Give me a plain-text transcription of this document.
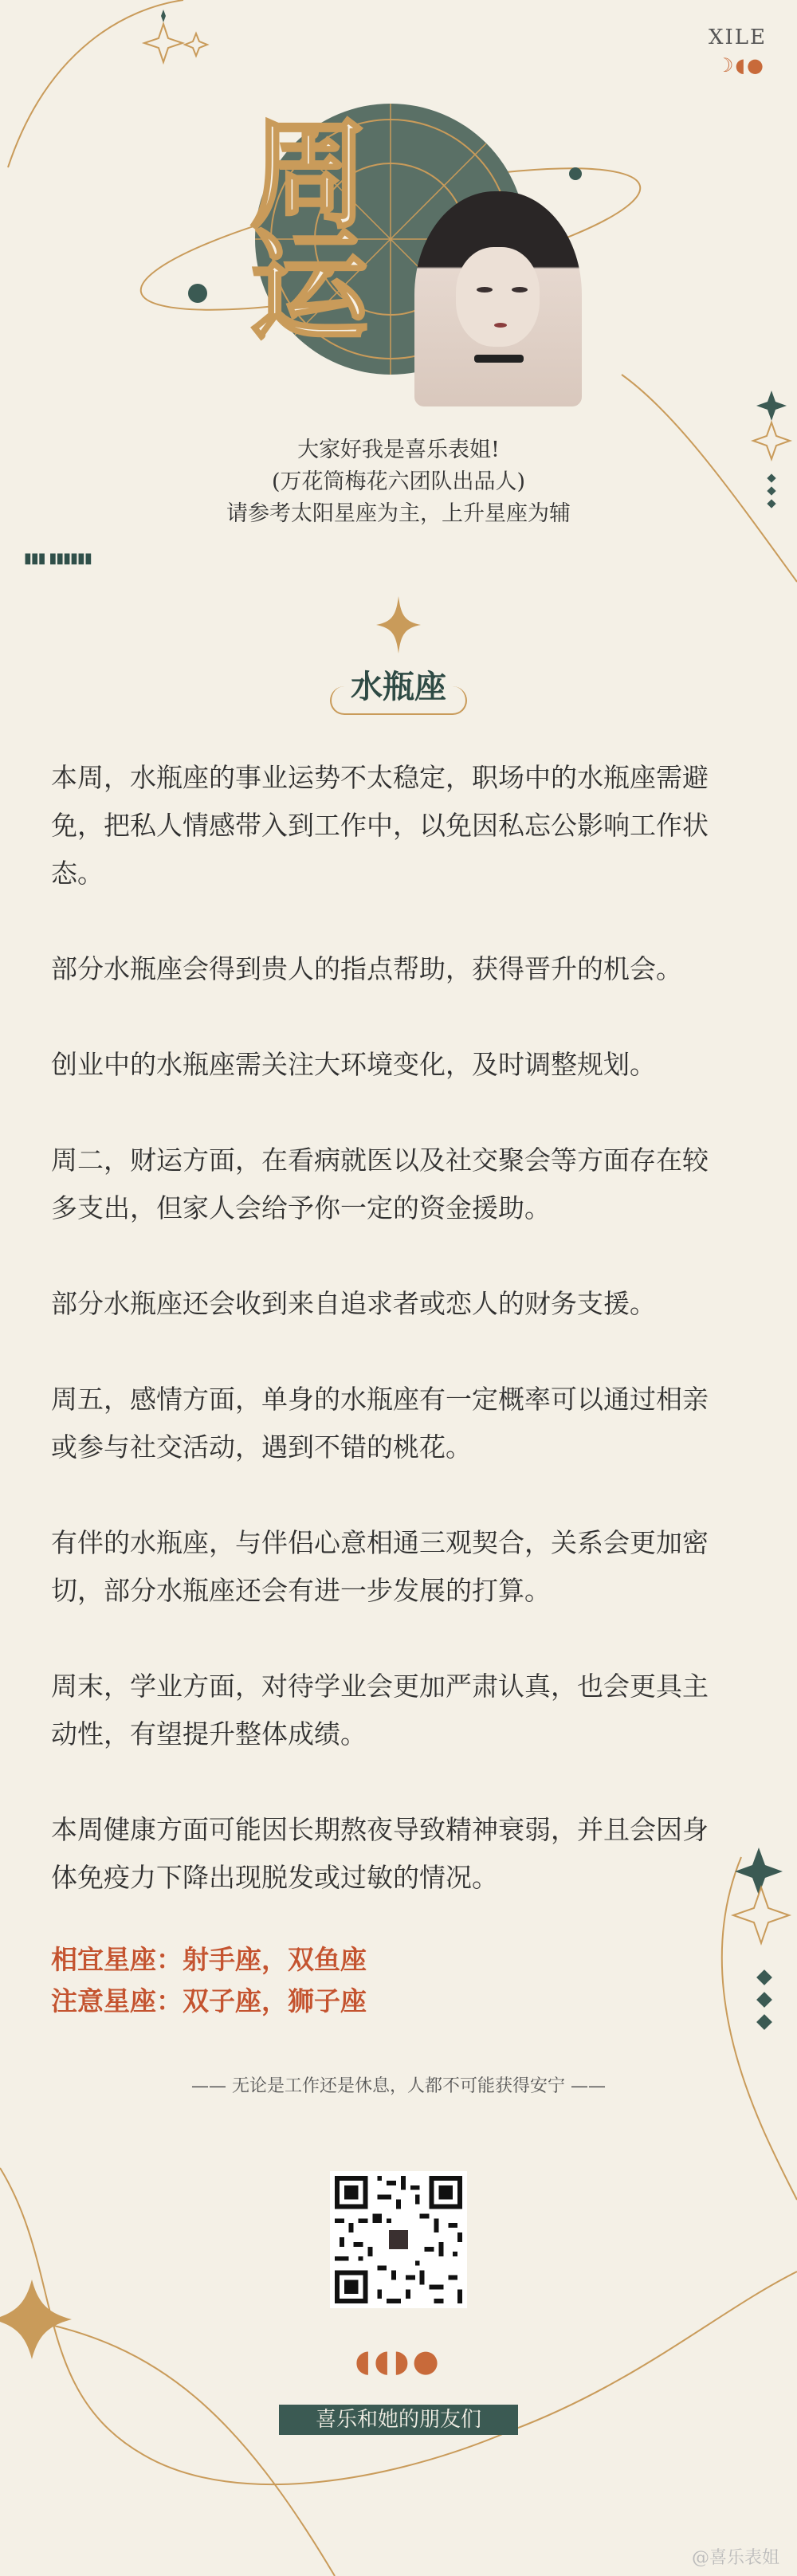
XILE
☽◖●
周运
大家好我是喜乐表姐!
(万花筒梅花六团队出品人)
请参考太阳星座为主，上升星座为辅
▮▮▮ ▮▮▮▮▮▮
水瓶座

本周，水瓶座的事业运势不太稳定，职场中的水瓶座需避
免，把私人情感带入到工作中，以免因私忘公影响工作状
态。

部分水瓶座会得到贵人的指点帮助，获得晋升的机会。

创业中的水瓶座需关注大环境变化，及时调整规划。

周二，财运方面，在看病就医以及社交聚会等方面存在较
多支出，但家人会给予你一定的资金援助。

部分水瓶座还会收到来自追求者或恋人的财务支援。

周五，感情方面，单身的水瓶座有一定概率可以通过相亲
或参与社交活动，遇到不错的桃花。

有伴的水瓶座，与伴侣心意相通三观契合，关系会更加密
切，部分水瓶座还会有进一步发展的打算。

周末，学业方面，对待学业会更加严肃认真，也会更具主
动性，有望提升整体成绩。

本周健康方面可能因长期熬夜导致精神衰弱，并且会因身
体免疫力下降出现脱发或过敏的情况。

相宜星座：射手座，双鱼座
注意星座：双子座，狮子座
—— 无论是工作还是休息，人都不可能获得安宁 ——
◖◖◗●
喜乐和她的朋友们
@喜乐表姐
